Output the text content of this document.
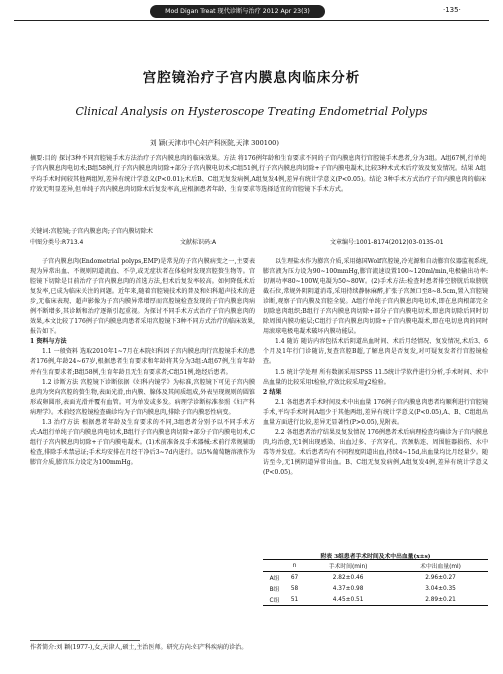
Mod Digan Treat 现代诊断与治疗 2012 Apr 23(3)	·135·
宫腔镜治疗子宫内膜息肉临床分析
Clinical Analysis on Hysteroscope Treating Endometrial Polyps
刘 颖(天津市中心妇产科医院,天津 300100)
摘要:目的 探讨3种不同宫腔镜手术方法治疗子宫内膜息肉的临床效果。方法 将176例年龄和生育要求不同的子宫内膜息肉行宫腔镜手术患者,分为3组。A组67例,行单纯子宫内膜息肉电切术;B组58例,行子宫内膜息肉切除+部分子宫内膜电切术;C组51例,行子宫内膜息肉切除+子宫内膜电凝术,比较3种术式术后疗效及复发情况。结果 A组平均手术时间较其他两组短,差异有统计学意义(P<0.01);术后B、C组无复发病例,A组复发4例,差异有统计学意义(P<0.05)。结论 3种手术方式治疗子宫内膜息肉的临床疗效无明显差异,但单纯子宫内膜息肉切除术后复发率高,应根据患者年龄、生育要求等选择适宜的宫腔镜下手术方式。
关键词:宫腔镜;子宫内膜息肉;子宫内膜切除术
中图分类号:R713.4	文献标识码:A	文章编号:1001-8174(2012)03-0135-01

子宫内膜息肉(Endometrial polyps,EMP)是常见的子宫内膜病变之一,主要表现为异常出血、不规则阴道流血、不孕,或无症状者在体检时发现宫腔赘生物等。宫腔镜下切除是目前治疗子宫内膜息肉的首选方法,但术后复发率较高。如何降低术后复发率,已成为临床关注的问题。近年来,随着宫腔镜技术的普及和妇科超声技术的进步,无临床表现、超声影像为子宫内膜异常增厚而宫腔镜检查发现的子宫内膜息肉病例不断增多,其诊断和治疗逐渐引起重视。为探讨不同手术方式治疗子宫内膜息肉的效果,本文比较了176例子宫内膜息肉患者采用宫腔镜下3种不同方式治疗的临床效果,报告如下。

1 资料与方法

1.1 一般资料 选取2010年1~7月在本院妇科因子宫内膜息肉行宫腔镜手术的患者176例,年龄24~67岁,根据患者生育要求和年龄将其分为3组:A组67例,生育年龄并有生育要求者;B组58例,生育年龄且无生育要求者;C组51例,绝经后患者。

1.2 诊断方法 宫腔镜下诊断依据《妇科内镜学》为标准,宫腔镜下可见子宫内膜息肉为突向宫腔的赘生物,表面光滑,由内膜、腺体及其间质组成,外表呈现规则的圆锥形或卵圆形,表面光滑并覆有血管。可为单发或多发。病理学诊断标准参照《妇产科病理学》。术前经宫腔镜检查确诊均为子宫内膜息肉,排除子宫内膜恶性病变。

1.3 治疗方法 根据患者年龄及生育要求的不同,3组患者分别予以不同手术方式:A组行单纯子宫内膜息肉电切术,B组行子宫内膜息肉切除+部分子宫内膜电切术,C组行子宫内膜息肉切除+子宫内膜电凝术。(1)术前准备及手术器械:术前行常规辅助检查,排除手术禁忌证;手术均安排在月经干净后3~7d内进行。以5%葡萄糖溶液作为膨宫介质,膨宫压力设定为100mmHg。

作者简介:刘 颖(1977-),女,天津人,硕士,主治医师。研究方向:妇产科疾病的诊治。

以生理盐水作为膨宫介质,采用德国Wolf宫腔镜,冷光源和自动膨宫仪器监视系统,膨宫液为压力设为90~100mmHg,膨宫流速设置100~120ml/min,电极输出功率:切割功率80~100W,电凝为50~80W。(2)手术方法:检查时患者排空膀胱后取膀胱截石位,常规外阴阴道消毒,采用持续静脉麻醉,扩张子宫颈口至8~8.5cm,置入宫腔镜诊断,观察子宫内膜及宫腔全貌。A组行单纯子宫内膜息肉电切术,即在息肉根部完全切除息肉组织;B组行子宫内膜息肉切除+部分子宫内膜电切术,即息肉切除后同时切除周围内膜功能层;C组行子宫内膜息肉切除+子宫内膜电凝术,即在电切息肉的同时用滚球电极电凝术破坏内膜功能层。

1.4 随访 随访内容包括术后阴道出血时间、术后月经情况、复发情况,术后3、6个月及1年行门诊随访,复查宫腔B超,了解息肉是否复发,对可疑复发者行宫腔镜检查。

1.5 统计学处理 所有数据采用SPSS 11.5统计学软件进行分析,手术时间、术中出血量的比较采用t检验,疗效比较采用χ2检验。

2 结果

2.1 各组患者手术时间及术中出血量 176例子宫内膜息肉患者均顺利进行宫腔镜手术,平均手术时间A组少于其他两组,差异有统计学意义(P<0.05),A、B、C组组出血量方面进行比较,差异无显著性(P>0.05),见附表。

2.2 各组患者治疗结果及复发情况 176例患者术后病理检查均确诊为子宫内膜息肉,均治愈,无1例出现感染、出血过多、子宫穿孔、宫颈粘连、周围脏器损伤、水中毒等并发症。术后患者均有不同程度阴道出血,持续4~15d,出血量均比月经量少。随访至今,无1例阴道异常出血。B、C组无复发病例,A组复发4例,差异有统计学意义(P<0.05)。

附表 3组患者手术时间及术中出血量(x±s)
	n	手术时间(min)	术中出血量(ml)
A组	67	2.82±0.46	2.96±0.27
B组	58	4.37±0.98	3.04±0.35
C组	51	4.45±0.51	2.89±0.21
